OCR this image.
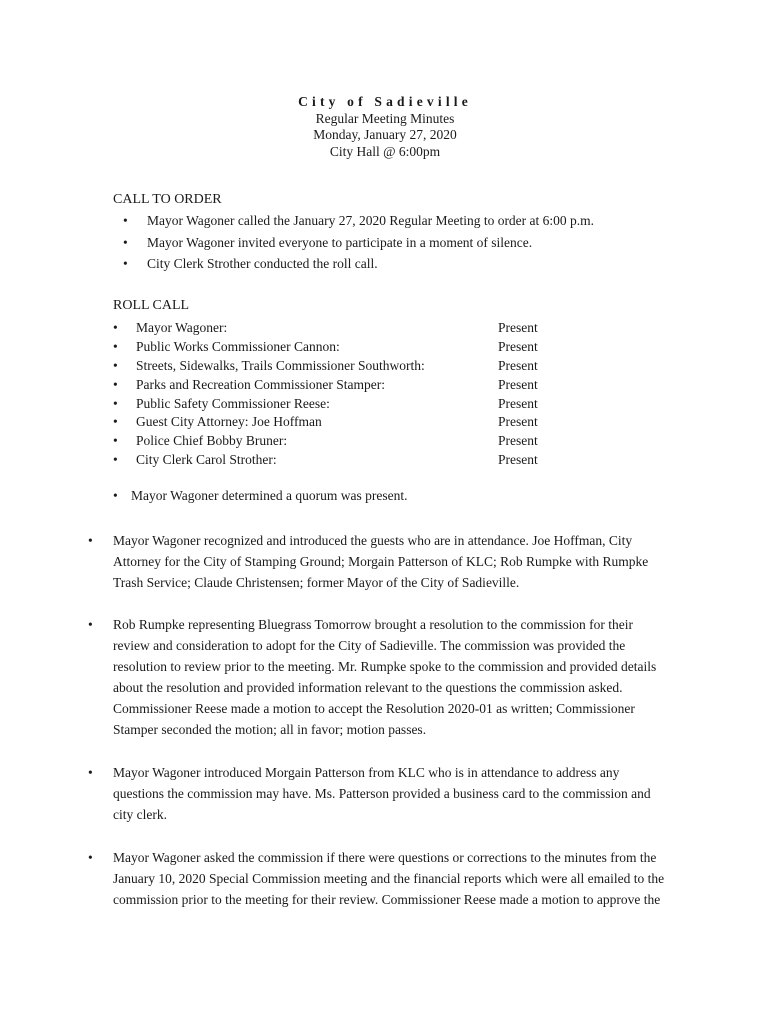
City of Sadieville
Regular Meeting Minutes
Monday, January 27, 2020
City Hall @ 6:00pm
CALL TO ORDER
• Mayor Wagoner called the January 27, 2020 Regular Meeting to order at 6:00 p.m.
• Mayor Wagoner invited everyone to participate in a moment of silence.
• City Clerk Strother conducted the roll call.
ROLL CALL
• Mayor Wagoner:	Present
• Public Works Commissioner Cannon:	Present
• Streets, Sidewalks, Trails Commissioner Southworth:	Present
• Parks and Recreation Commissioner Stamper:	Present
• Public Safety Commissioner Reese:	Present
• Guest City Attorney: Joe Hoffman	Present
• Police Chief Bobby Bruner:	Present
• City Clerk Carol Strother:	Present
• Mayor Wagoner determined a quorum was present.
• Mayor Wagoner recognized and introduced the guests who are in attendance. Joe Hoffman, City
Attorney for the City of Stamping Ground; Morgain Patterson of KLC; Rob Rumpke with Rumpke
Trash Service; Claude Christensen; former Mayor of the City of Sadieville.
• Rob Rumpke representing Bluegrass Tomorrow brought a resolution to the commission for their
review and consideration to adopt for the City of Sadieville. The commission was provided the
resolution to review prior to the meeting. Mr. Rumpke spoke to the commission and provided details
about the resolution and provided information relevant to the questions the commission asked.
Commissioner Reese made a motion to accept the Resolution 2020-01 as written; Commissioner
Stamper seconded the motion; all in favor; motion passes.
• Mayor Wagoner introduced Morgain Patterson from KLC who is in attendance to address any
questions the commission may have. Ms. Patterson provided a business card to the commission and
city clerk.
• Mayor Wagoner asked the commission if there were questions or corrections to the minutes from the
January 10, 2020 Special Commission meeting and the financial reports which were all emailed to the
commission prior to the meeting for their review. Commissioner Reese made a motion to approve the
